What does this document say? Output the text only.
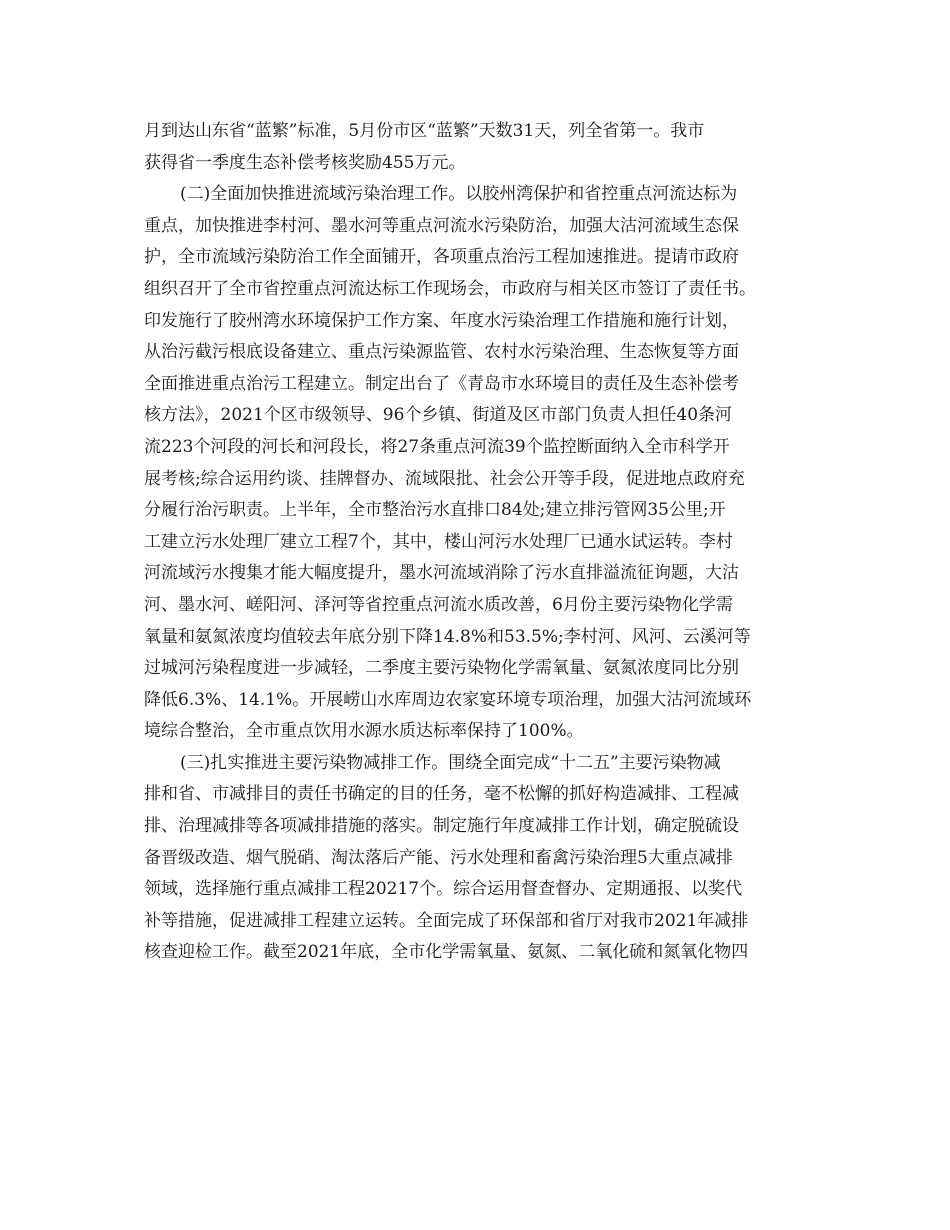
月到达山东省“蓝繁”标准，5月份市区“蓝繁”天数31天，列全省第一。我市
获得省一季度生态补偿考核奖励455万元。

(二)全面加快推进流域污染治理工作。以胶州湾保护和省控重点河流达标为
重点，加快推进李村河、墨水河等重点河流水污染防治，加强大沽河流域生态保
护，全市流域污染防治工作全面铺开，各项重点治污工程加速推进。提请市政府
组织召开了全市省控重点河流达标工作现场会，市政府与相关区市签订了责任书。
印发施行了胶州湾水环境保护工作方案、年度水污染治理工作措施和施行计划，
从治污截污根底设备建立、重点污染源监管、农村水污染治理、生态恢复等方面
全面推进重点治污工程建立。制定出台了《青岛市水环境目的责任及生态补偿考
核方法》，2021个区市级领导、96个乡镇、街道及区市部门负责人担任40条河
流223个河段的河长和河段长，将27条重点河流39个监控断面纳入全市科学开
展考核;综合运用约谈、挂牌督办、流域限批、社会公开等手段，促进地点政府充
分履行治污职责。上半年，全市整治污水直排口84处;建立排污管网35公里;开
工建立污水处理厂建立工程7个，其中，楼山河污水处理厂已通水试运转。李村
河流域污水搜集才能大幅度提升，墨水河流域消除了污水直排溢流征询题，大沽
河、墨水河、嵯阳河、泽河等省控重点河流水质改善，6月份主要污染物化学需
氧量和氨氮浓度均值较去年底分别下降14.8%和53.5%;李村河、风河、云溪河等
过城河污染程度进一步减轻，二季度主要污染物化学需氧量、氨氮浓度同比分别
降低6.3%、14.1%。开展崂山水库周边农家宴环境专项治理，加强大沽河流域环
境综合整治，全市重点饮用水源水质达标率保持了100%。

(三)扎实推进主要污染物减排工作。围绕全面完成“十二五”主要污染物减
排和省、市减排目的责任书确定的目的任务，毫不松懈的抓好构造减排、工程减
排、治理减排等各项减排措施的落实。制定施行年度减排工作计划，确定脱硫设
备晋级改造、烟气脱硝、淘汰落后产能、污水处理和畜禽污染治理5大重点减排
领域，选择施行重点减排工程20217个。综合运用督查督办、定期通报、以奖代
补等措施，促进减排工程建立运转。全面完成了环保部和省厅对我市2021年减排
核查迎检工作。截至2021年底，全市化学需氧量、氨氮、二氧化硫和氮氧化物四
